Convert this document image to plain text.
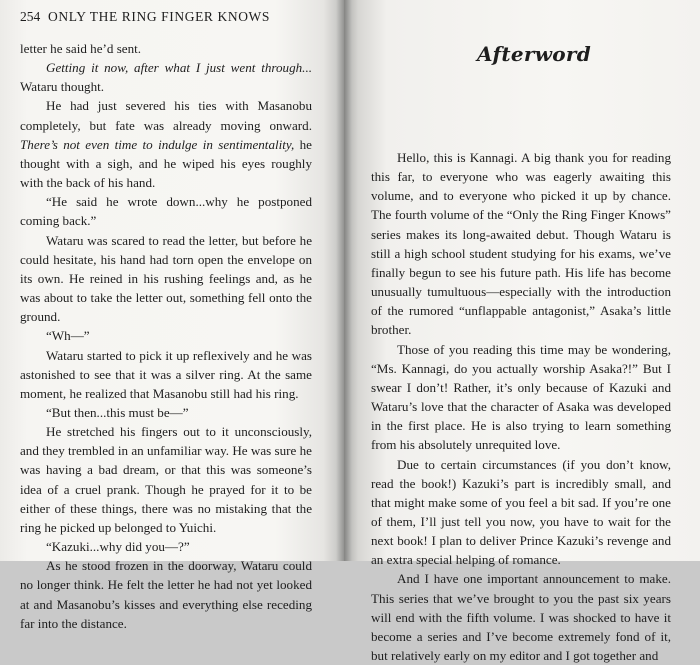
254 ONLY THE RING FINGER KNOWS

letter he said he’d sent.

Getting it now, after what I just went through... Wataru thought.

He had just severed his ties with Masanobu completely, but fate was already moving onward. There’s not even time to indulge in sentimentality, he thought with a sigh, and he wiped his eyes roughly with the back of his hand.

“He said he wrote down...why he postponed coming back.”

Wataru was scared to read the letter, but before he could hesitate, his hand had torn open the envelope on its own. He reined in his rushing feelings and, as he was about to take the letter out, something fell onto the ground.

“Wh—”

Wataru started to pick it up reflexively and he was astonished to see that it was a silver ring. At the same moment, he realized that Masanobu still had his ring.

“But then...this must be—”

He stretched his fingers out to it unconsciously, and they trembled in an unfamiliar way. He was sure he was having a bad dream, or that this was someone’s idea of a cruel prank. Though he prayed for it to be either of these things, there was no mistaking that the ring he picked up belonged to Yuichi.

“Kazuki...why did you—?”

As he stood frozen in the doorway, Wataru could no longer think. He felt the letter he had not yet looked at and Masanobu’s kisses and everything else receding far into the distance.

Afterword

Hello, this is Kannagi. A big thank you for reading this far, to everyone who was eagerly awaiting this volume, and to everyone who picked it up by chance. The fourth volume of the “Only the Ring Finger Knows” series makes its long-awaited debut. Though Wataru is still a high school student studying for his exams, we’ve finally begun to see his future path. His life has become unusually tumultuous—especially with the introduction of the rumored “unflappable antagonist,” Asaka’s little brother.

Those of you reading this time may be wondering, “Ms. Kannagi, do you actually worship Asaka?!” But I swear I don’t! Rather, it’s only because of Kazuki and Wataru’s love that the character of Asaka was developed in the first place. He is also trying to learn something from his absolutely unrequited love.

Due to certain circumstances (if you don’t know, read the book!) Kazuki’s part is incredibly small, and that might make some of you feel a bit sad. If you’re one of them, I’ll just tell you now, you have to wait for the next book! I plan to deliver Prince Kazuki’s revenge and an extra special helping of romance.

And I have one important announcement to make. This series that we’ve brought to you the past six years will end with the fifth volume. I was shocked to have it become a series and I’ve become extremely fond of it, but relatively early on my editor and I got together and
